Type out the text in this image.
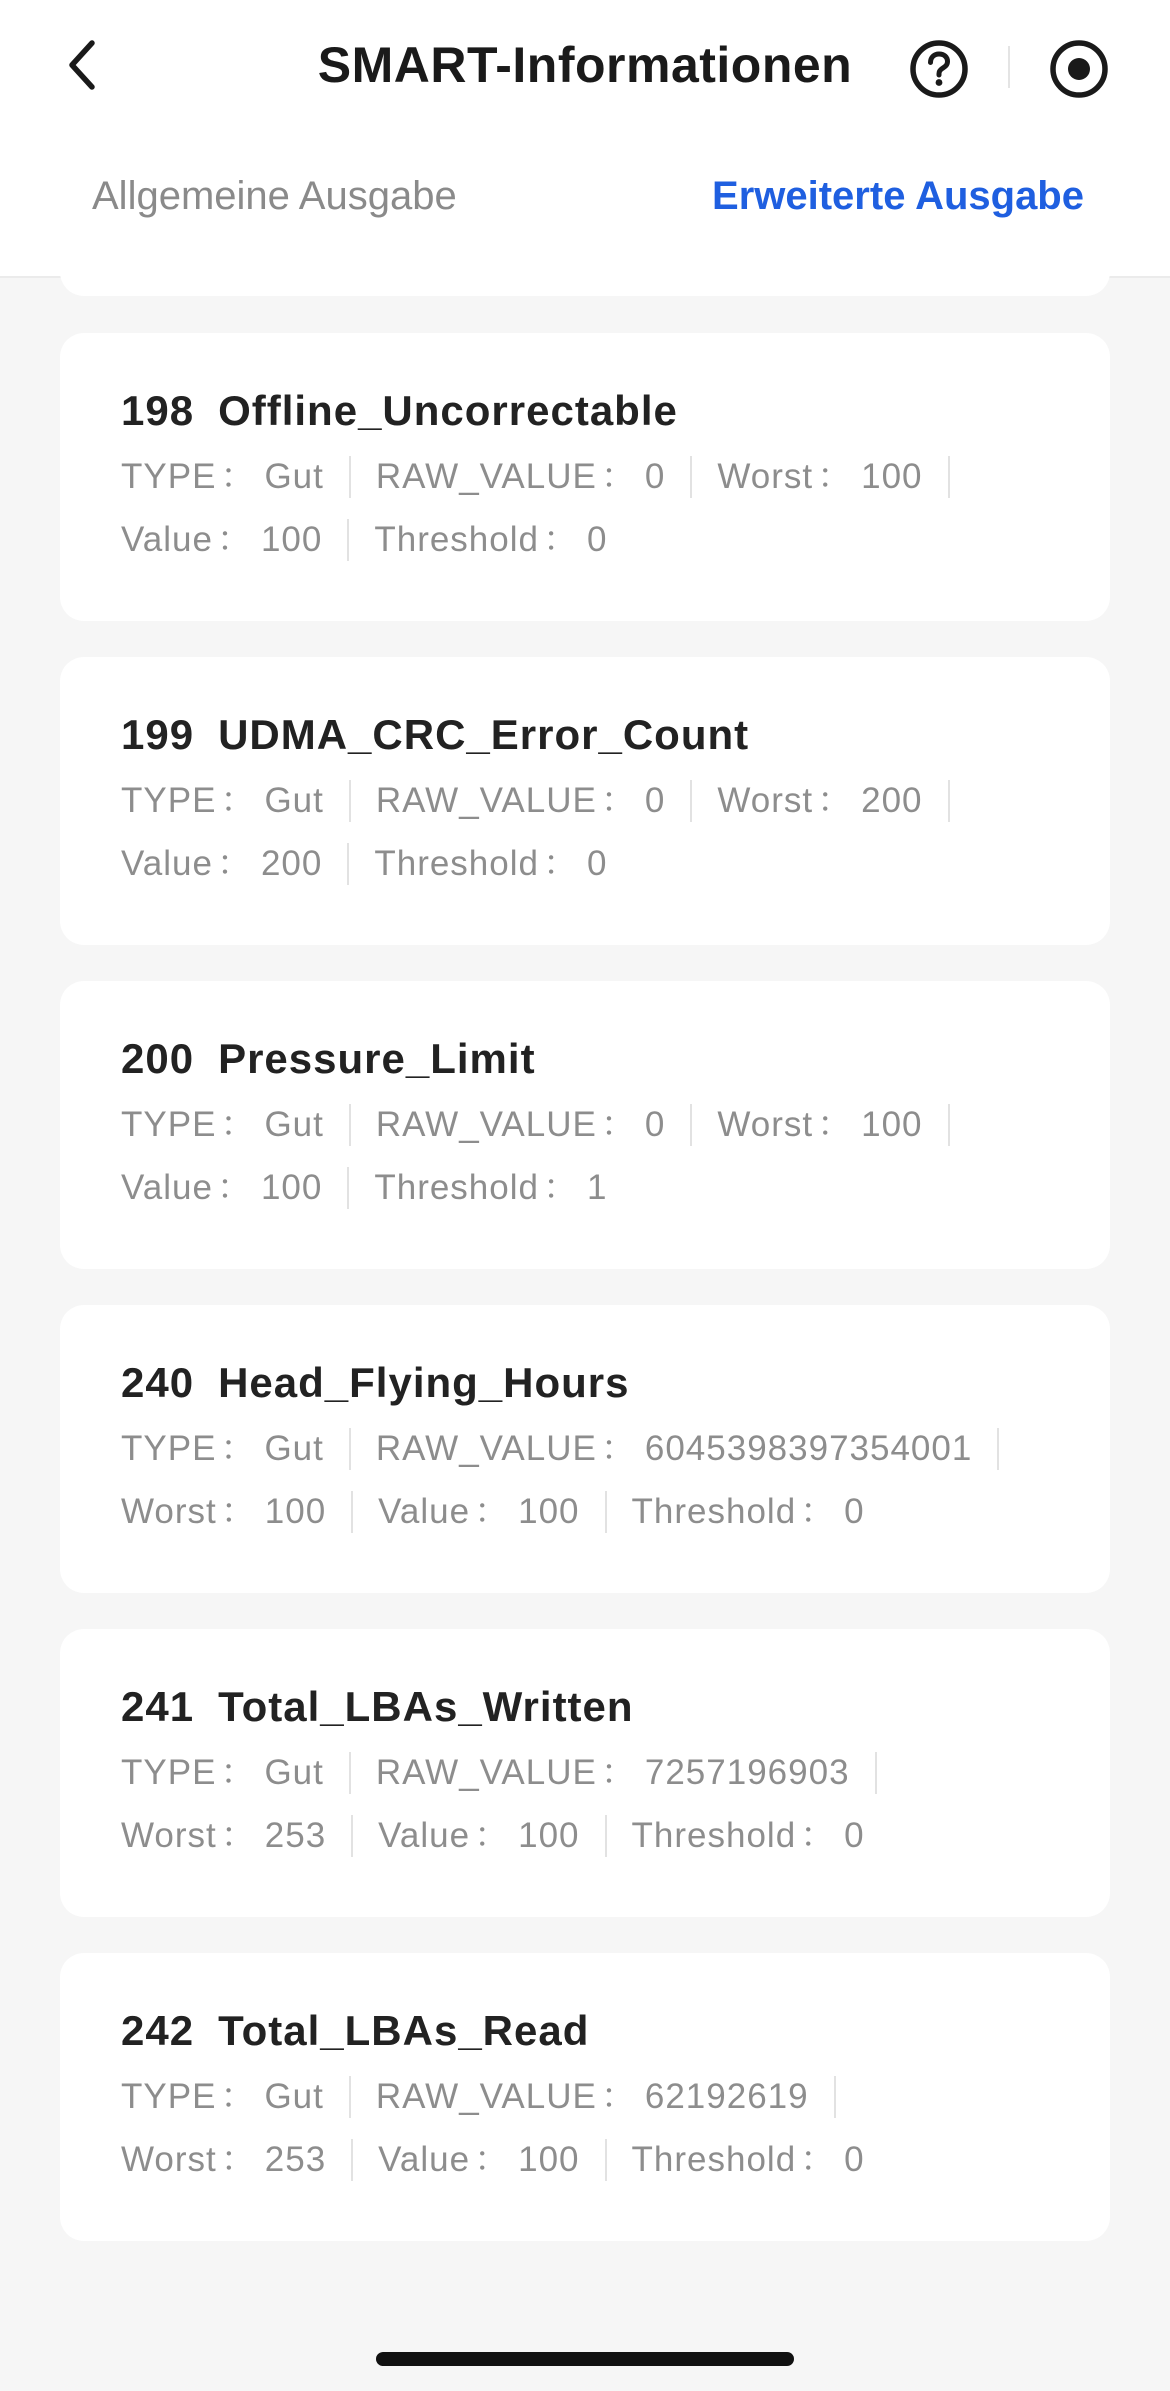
SMART-Informationen
Allgemeine Ausgabe	Erweiterte Ausgabe
198 Offline_Uncorrectable
TYPE ： Gut	RAW_VALUE ： 0	Worst ： 100
Value ： 100	Threshold ： 0
199 UDMA_CRC_Error_Count
TYPE ： Gut	RAW_VALUE ： 0	Worst ： 200
Value ： 200	Threshold ： 0
200 Pressure_Limit
TYPE ： Gut	RAW_VALUE ： 0	Worst ： 100
Value ： 100	Threshold ： 1
240 Head_Flying_Hours
TYPE ： Gut	RAW_VALUE ： 6045398397354001
Worst ： 100	Value ： 100	Threshold ： 0
241 Total_LBAs_Written
TYPE ： Gut	RAW_VALUE ： 7257196903
Worst ： 253	Value ： 100	Threshold ： 0
242 Total_LBAs_Read
TYPE ： Gut	RAW_VALUE ： 62192619
Worst ： 253	Value ： 100	Threshold ： 0
